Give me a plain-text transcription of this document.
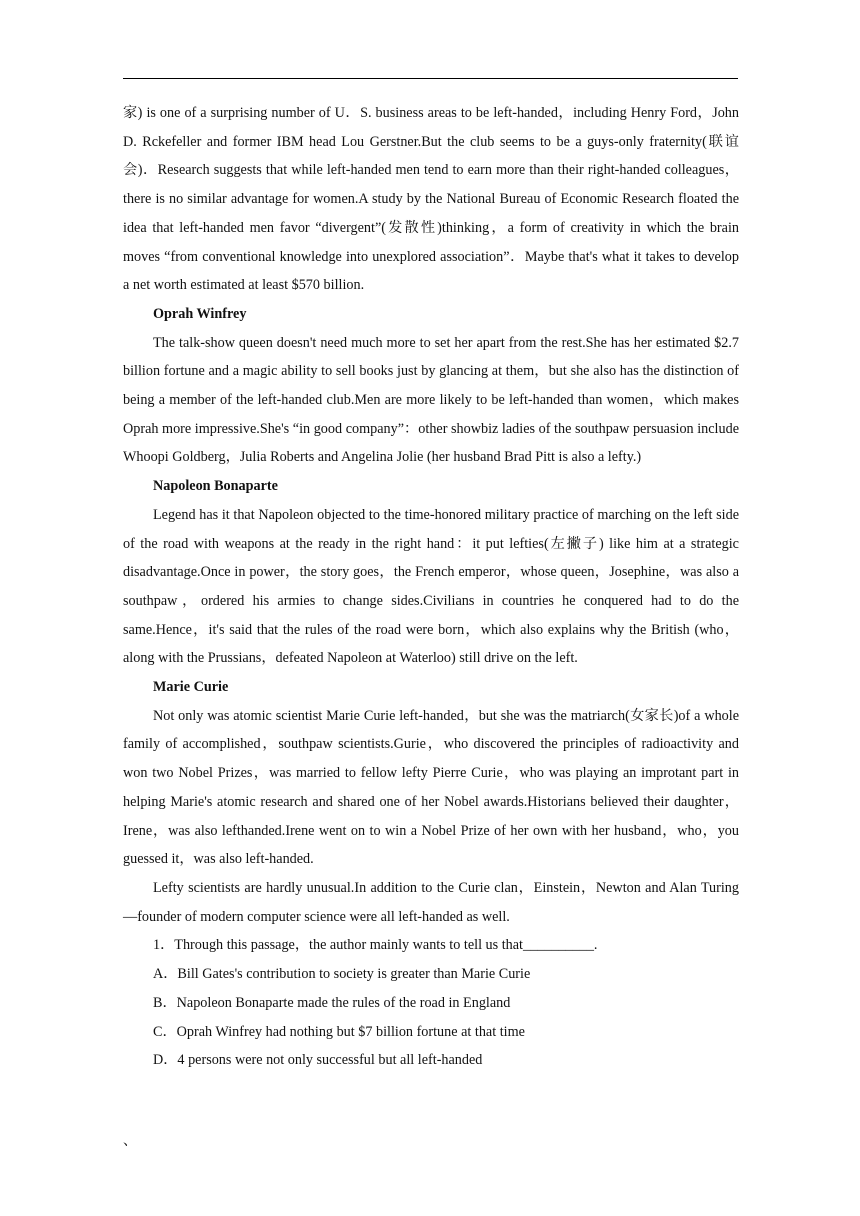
家) is one of a surprising number of U．S. business areas to be left-handed，including Henry Ford，John D. Rckefeller and former IBM head Lou Gerstner.But the club seems to be a guys-only fraternity(联谊会)．Research suggests that while left-handed men tend to earn more than their right-handed colleagues，there is no similar advantage for women.A study by the National Bureau of Economic Research floated the idea that left-handed men favor “divergent”(发散性)thinking，a form of creativity in which the brain moves “from conventional knowledge into unexplored association”．Maybe that's what it takes to develop a net worth estimated at least $570 billion.

Oprah Winfrey

The talk-show queen doesn't need much more to set her apart from the rest.She has her estimated $2.7 billion fortune and a magic ability to sell books just by glancing at them，but she also has the distinction of being a member of the left-handed club.Men are more likely to be left-handed than women，which makes Oprah more impressive.She's “in good company”：other showbiz ladies of the southpaw persuasion include Whoopi Goldberg，Julia Roberts and Angelina Jolie (her husband Brad Pitt is also a lefty.)

Napoleon Bonaparte

Legend has it that Napoleon objected to the time-honored military practice of marching on the left side of the road with weapons at the ready in the right hand：it put lefties(左撇子) like him at a strategic disadvantage.Once in power，the story goes，the French emperor，whose queen，Josephine，was also a southpaw，ordered his armies to change sides.Civilians in countries he conquered had to do the same.Hence，it's said that the rules of the road were born，which also explains why the British (who，along with the Prussians，defeated Napoleon at Waterloo) still drive on the left.

Marie Curie

Not only was atomic scientist Marie Curie left-handed，but she was the matriarch(女家长)of a whole family of accomplished，southpaw scientists.Gurie，who discovered the principles of radioactivity and won two Nobel Prizes，was married to fellow lefty Pierre Curie，who was playing an improtant part in helping Marie's atomic research and shared one of her Nobel awards.Historians believed their daughter，Irene，was also lefthanded.Irene went on to win a Nobel Prize of her own with her husband，who，you guessed it，was also left-handed.

Lefty scientists are hardly unusual.In addition to the Curie clan，Einstein，Newton and Alan Turing—founder of modern computer science were all left-handed as well.

1．Through this passage，the author mainly wants to tell us that__________.

A．Bill Gates's contribution to society is greater than Marie Curie

B．Napoleon Bonaparte made the rules of the road in England

C．Oprah Winfrey had nothing but $7 billion fortune at that time

D．4 persons were not only successful but all left-handed

、
